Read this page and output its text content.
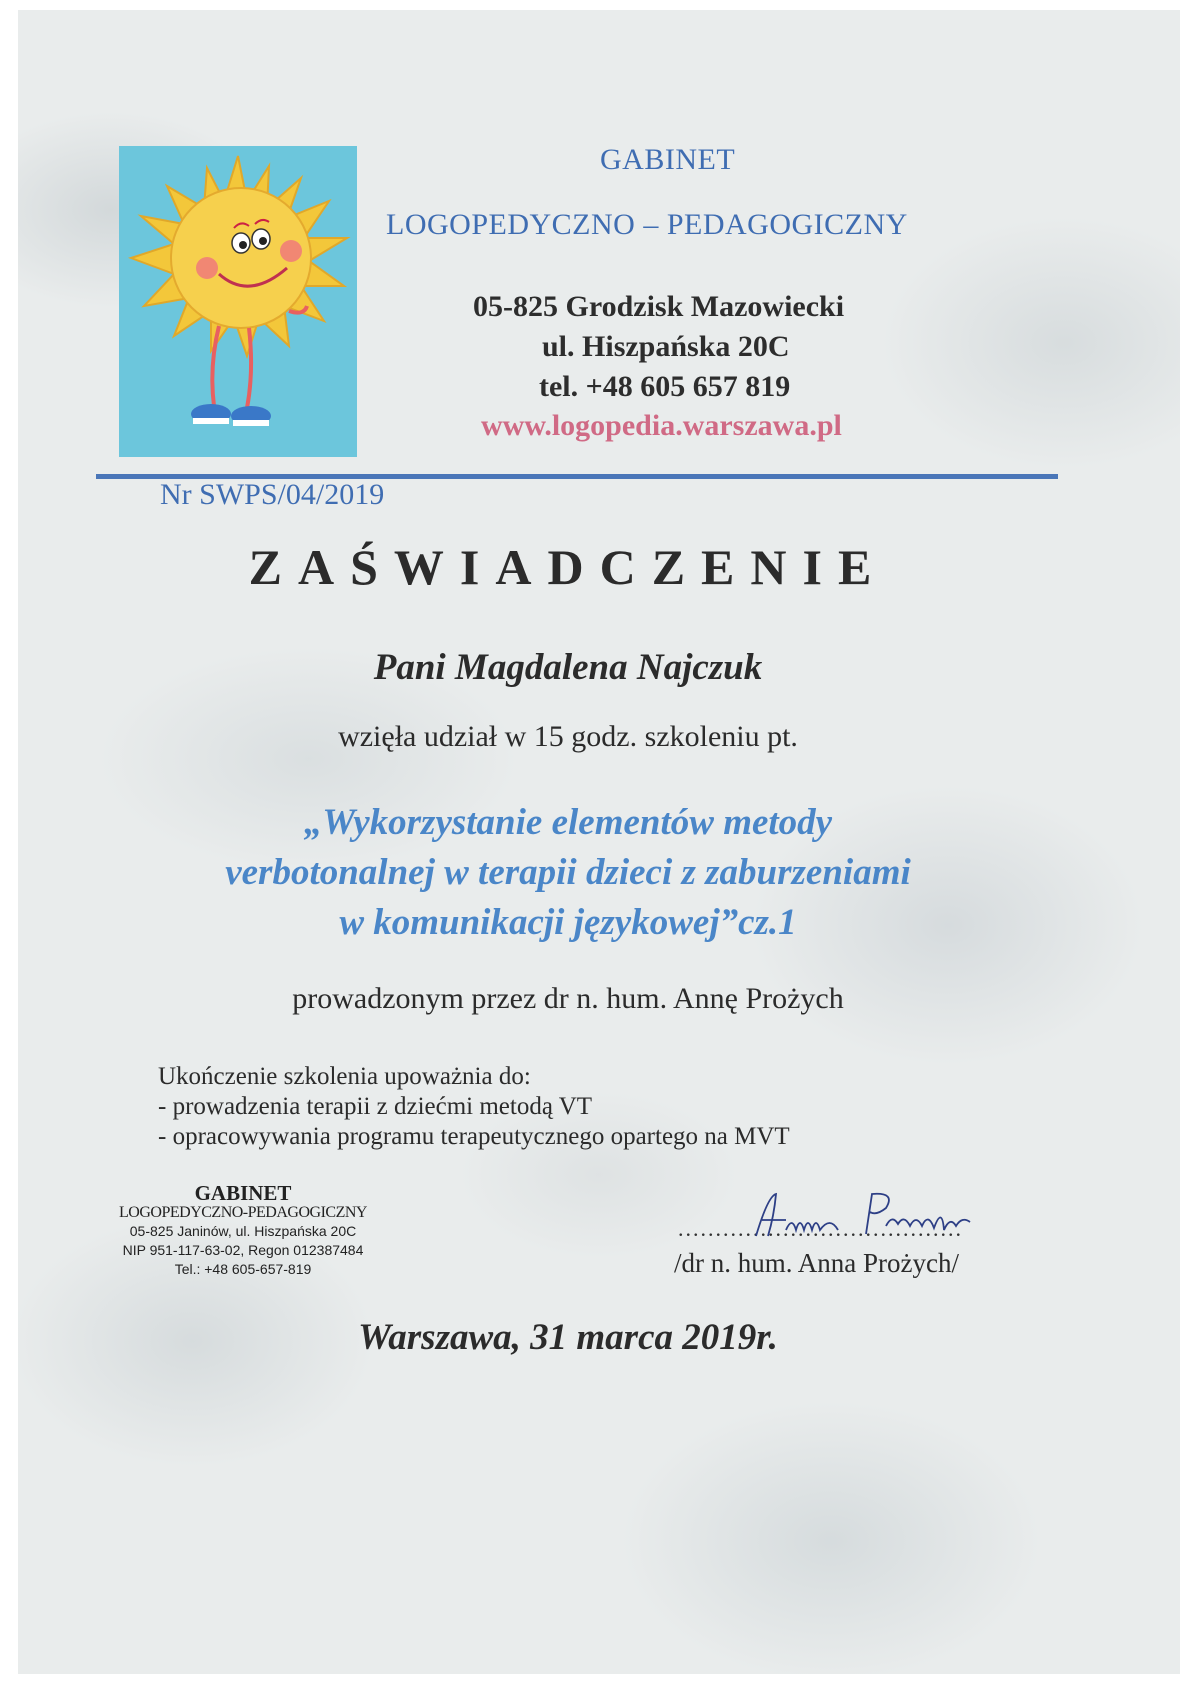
GABINET
LOGOPEDYCZNO – PEDAGOGICZNY
05-825 Grodzisk Mazowiecki
ul. Hiszpańska 20C
tel. +48 605 657 819
www.logopedia.warszawa.pl
Nr SWPS/04/2019
ZAŚWIADCZENIE
Pani Magdalena Najczuk
wzięła udział w 15 godz. szkoleniu pt.
„Wykorzystanie elementów metody
verbotonalnej w terapii dzieci z zaburzeniami
w komunikacji językowej”cz.1
prowadzonym przez dr n. hum. Annę Prożych
Ukończenie szkolenia upoważnia do:
- prowadzenia terapii z dziećmi metodą VT
- opracowywania programu terapeutycznego opartego na MVT
GABINET
LOGOPEDYCZNO-PEDAGOGICZNY
05-825 Janinów, ul. Hiszpańska 20C
NIP 951-117-63-02, Regon 012387484
Tel.: +48 605-657-819
......................................
/dr n. hum. Anna Prożych/
Warszawa, 31 marca 2019r.
